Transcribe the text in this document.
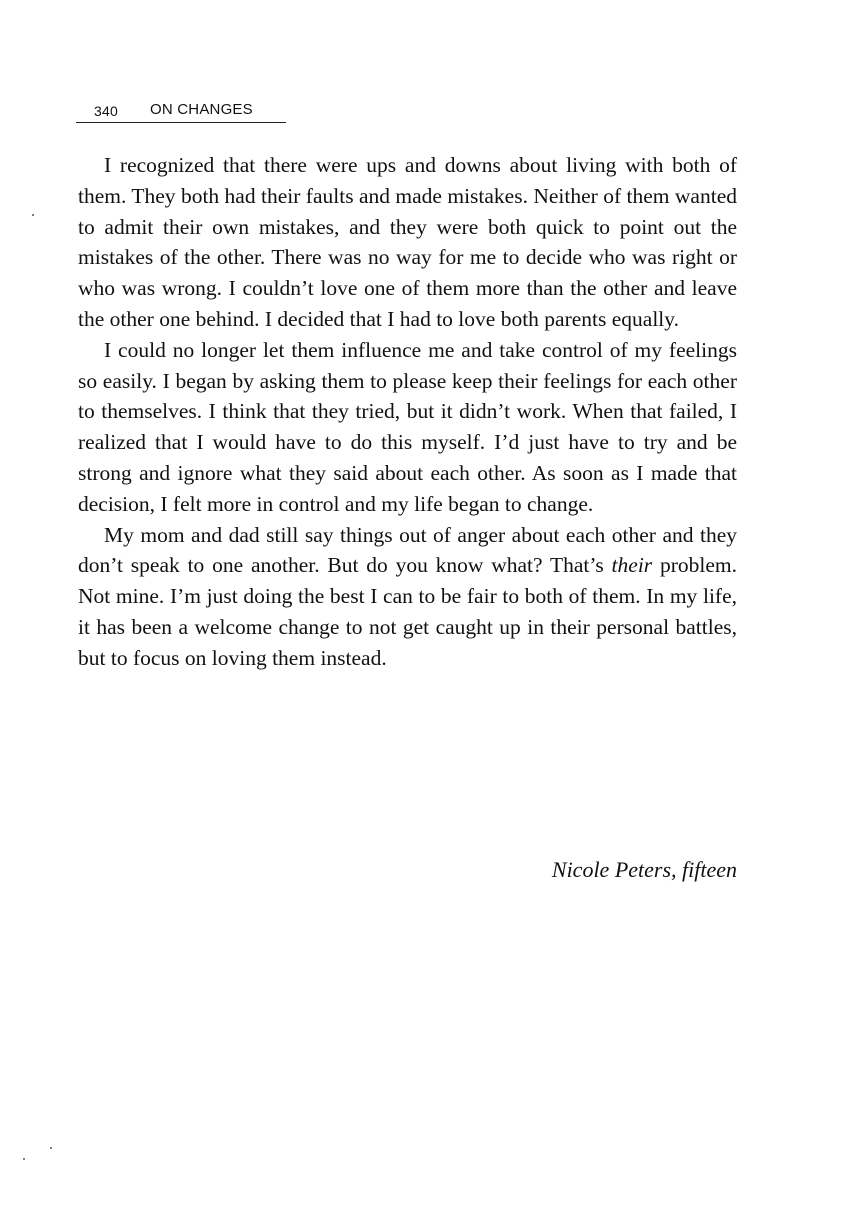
340 ON CHANGES

I recognized that there were ups and downs about living with both of them. They both had their faults and made mistakes. Neither of them wanted to admit their own mistakes, and they were both quick to point out the mistakes of the other. There was no way for me to decide who was right or who was wrong. I couldn’t love one of them more than the other and leave the other one behind. I decided that I had to love both parents equally.

I could no longer let them influence me and take control of my feelings so easily. I began by asking them to please keep their feelings for each other to themselves. I think that they tried, but it didn’t work. When that failed, I realized that I would have to do this myself. I’d just have to try and be strong and ignore what they said about each other. As soon as I made that decision, I felt more in control and my life began to change.

My mom and dad still say things out of anger about each other and they don’t speak to one another. But do you know what? That’s their problem. Not mine. I’m just doing the best I can to be fair to both of them. In my life, it has been a welcome change to not get caught up in their personal battles, but to focus on loving them instead.

Nicole Peters, fifteen
